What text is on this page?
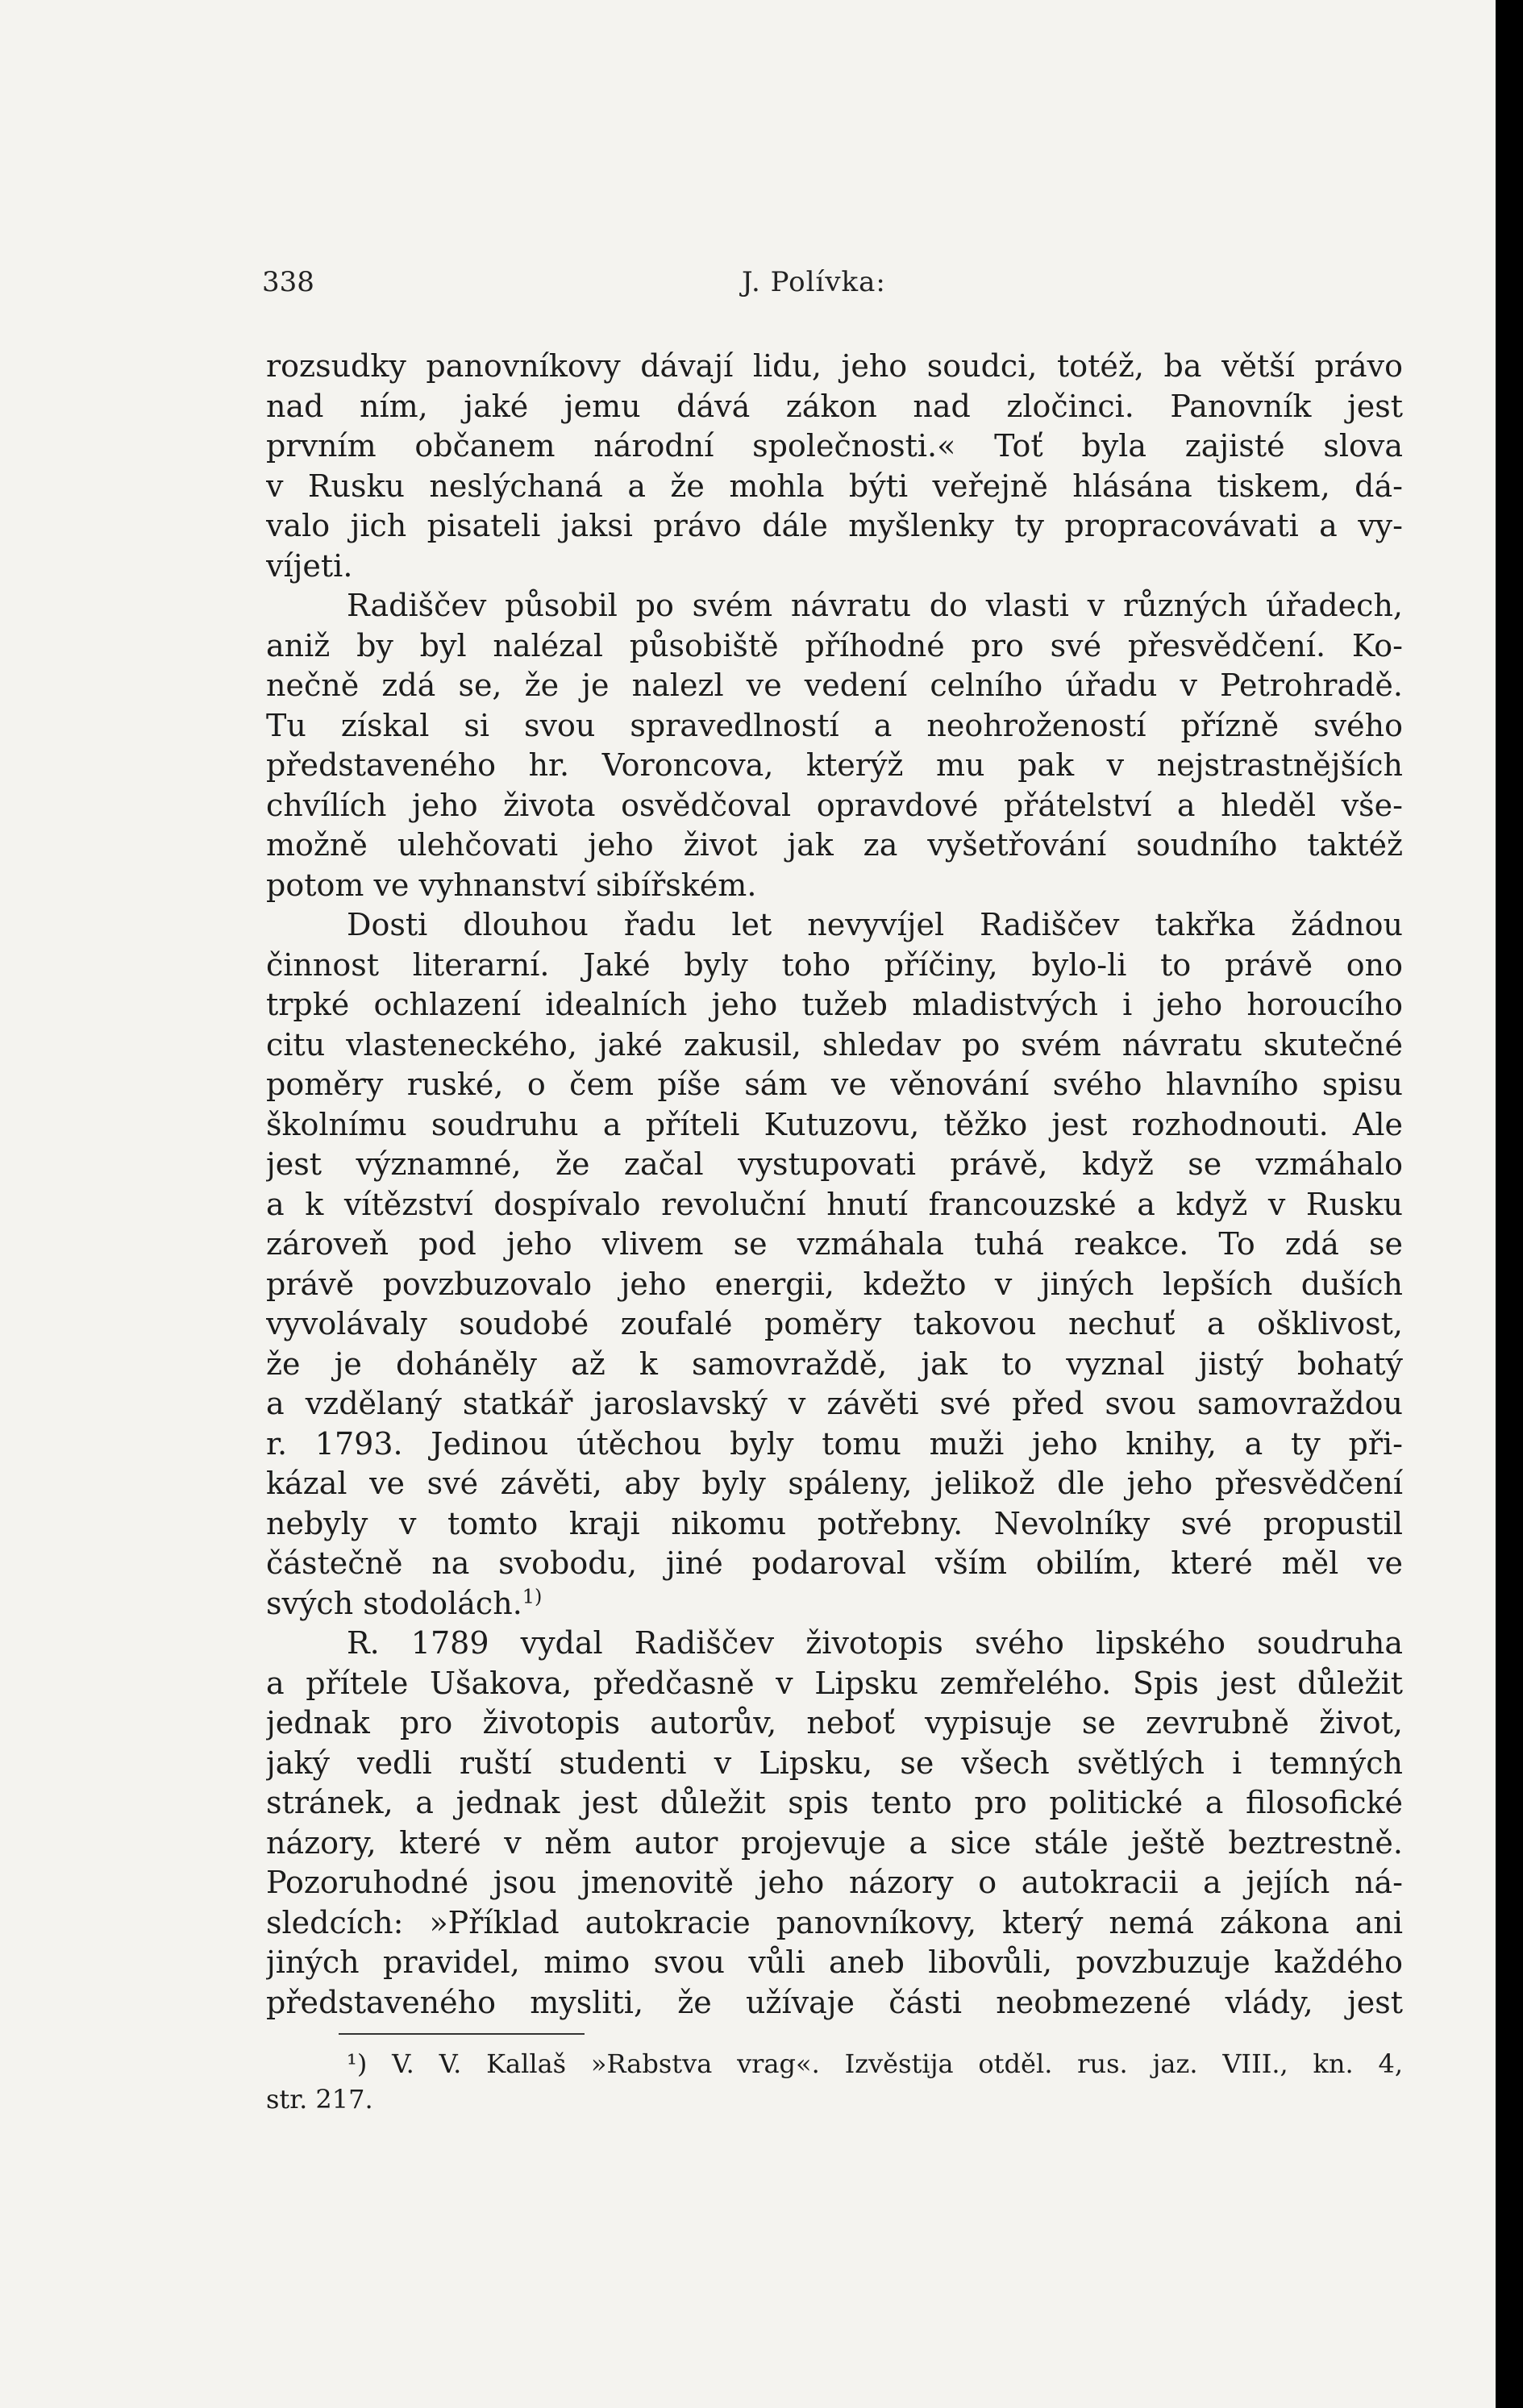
338	J. Polívka:
rozsudky panovníkovy dávají lidu, jeho soudci, totéž, ba větší právo
nad ním, jaké jemu dává zákon nad zločinci. Panovník jest
prvním občanem národní společnosti.« Toť byla zajisté slova
v Rusku neslýchaná a že mohla býti veřejně hlásána tiskem, dá-
valo jich pisateli jaksi právo dále myšlenky ty propracovávati a vy-
víjeti.
Radiščev působil po svém návratu do vlasti v různých úřadech,
aniž by byl nalézal působiště příhodné pro své přesvědčení. Ko-
nečně zdá se, že je nalezl ve vedení celního úřadu v Petrohradě.
Tu získal si svou spravedlností a neohrožeností přízně svého
představeného hr. Voroncova, kterýž mu pak v nejstrastnějších
chvílích jeho života osvědčoval opravdové přátelství a hleděl vše-
možně ulehčovati jeho život jak za vyšetřování soudního taktéž
potom ve vyhnanství sibířském.
Dosti dlouhou řadu let nevyvíjel Radiščev takřka žádnou
činnost literarní. Jaké byly toho příčiny, bylo-li to právě ono
trpké ochlazení idealních jeho tužeb mladistvých i jeho horoucího
citu vlasteneckého, jaké zakusil, shledav po svém návratu skutečné
poměry ruské, o čem píše sám ve věnování svého hlavního spisu
školnímu soudruhu a příteli Kutuzovu, těžko jest rozhodnouti. Ale
jest významné, že začal vystupovati právě, když se vzmáhalo
a k vítězství dospívalo revoluční hnutí francouzské a když v Rusku
zároveň pod jeho vlivem se vzmáhala tuhá reakce. To zdá se
právě povzbuzovalo jeho energii, kdežto v jiných lepších duších
vyvolávaly soudobé zoufalé poměry takovou nechuť a ošklivost,
že je doháněly až k samovraždě, jak to vyznal jistý bohatý
a vzdělaný statkář jaroslavský v závěti své před svou samovraždou
r. 1793. Jedinou útěchou byly tomu muži jeho knihy, a ty při-
kázal ve své závěti, aby byly spáleny, jelikož dle jeho přesvědčení
nebyly v tomto kraji nikomu potřebny. Nevolníky své propustil
částečně na svobodu, jiné podaroval vším obilím, které měl ve
svých stodolách.$^{1)}$
R. 1789 vydal Radiščev životopis svého lipského soudruha
a přítele Ušakova, předčasně v Lipsku zemřelého. Spis jest důležit
jednak pro životopis autorův, neboť vypisuje se zevrubně život,
jaký vedli ruští studenti v Lipsku, se všech světlých i temných
stránek, a jednak jest důležit spis tento pro politické a filosofické
názory, které v něm autor projevuje a sice stále ještě beztrestně.
Pozoruhodné jsou jmenovitě jeho názory o autokracii a jejích ná-
sledcích: »Příklad autokracie panovníkovy, který nemá zákona ani
jiných pravidel, mimo svou vůli aneb libovůli, povzbuzuje každého
představeného mysliti, že užívaje části neobmezené vlády, jest
¹) V. V. Kallaš »Rabstva vrag«. Izvěstija otděl. rus. jaz. VIII., kn. 4,
str. 217.
